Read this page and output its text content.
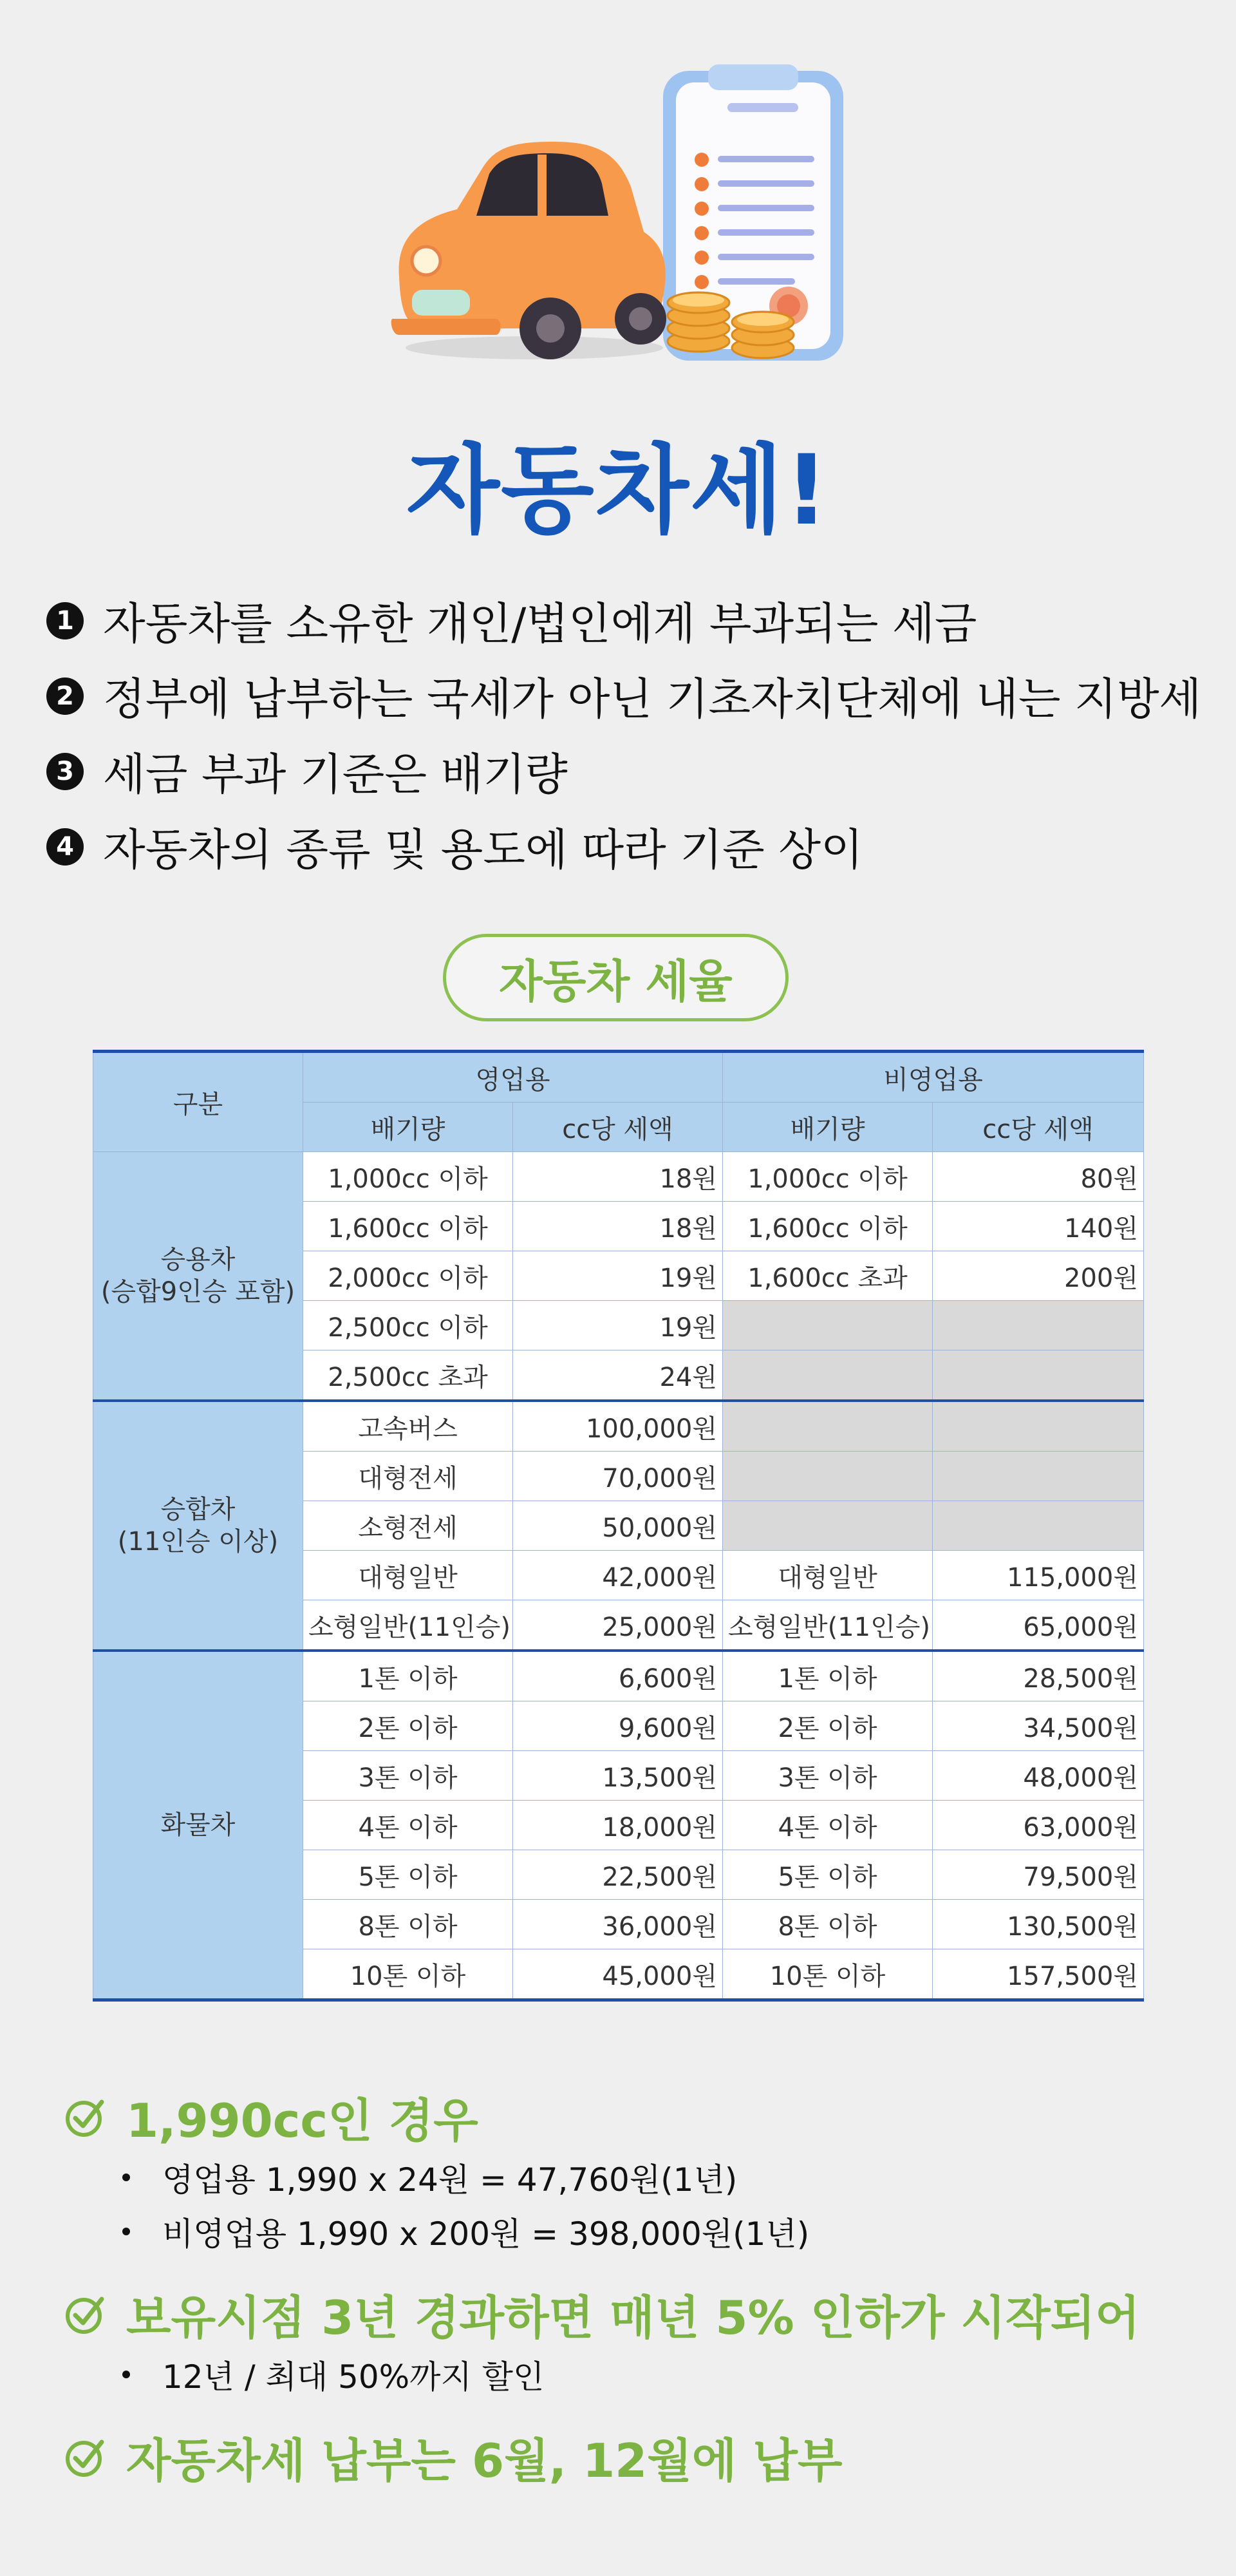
자동차세!
1 자동차를 소유한 개인/법인에게 부과되는 세금
2 정부에 납부하는 국세가 아닌 기초자치단체에 내는 지방세
3 세금 부과 기준은 배기량
4 자동차의 종류 및 용도에 따라 기준 상이
자동차 세율
구분	영업용		비영업용	
	배기량	cc당 세액	배기량	cc당 세액

승용차
(승합9인승 포함)	1,000cc 이하	18원	1,000cc 이하	80원
	1,600cc 이하	18원	1,600cc 이하	140원
	2,000cc 이하	19원	1,600cc 초과	200원
	2,500cc 이하	19원		
	2,500cc 초과	24원		

승합차
(11인승 이상)	고속버스	100,000원		
	대형전세	70,000원		
	소형전세	50,000원		
	대형일반	42,000원	대형일반	115,000원
	소형일반(11인승)	25,000원	소형일반(11인승)	65,000원

화물차	1톤 이하	6,600원	1톤 이하	28,500원
	2톤 이하	9,600원	2톤 이하	34,500원
	3톤 이하	13,500원	3톤 이하	48,000원
	4톤 이하	18,000원	4톤 이하	63,000원
	5톤 이하	22,500원	5톤 이하	79,500원
	8톤 이하	36,000원	8톤 이하	130,500원
	10톤 이하	45,000원	10톤 이하	157,500원
1,990cc인 경우
영업용 1,990 x 24원 = 47,760원(1년)
비영업용 1,990 x 200원 = 398,000원(1년)
보유시점 3년 경과하면 매년 5% 인하가 시작되어
12년 / 최대 50%까지 할인
자동차세 납부는 6월, 12월에 납부
